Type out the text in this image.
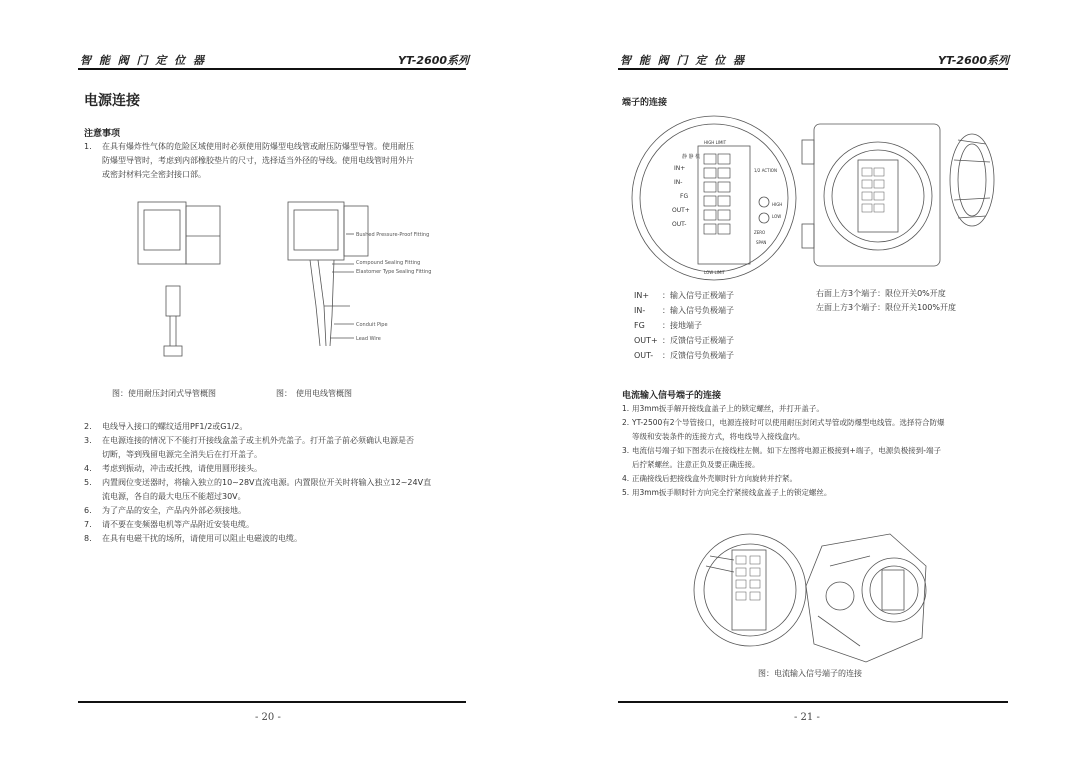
智 能 阀 门 定 位 器	YT-2600系列
电源连接
注意事项
1. 在具有爆炸性气体的危险区域使用时必须使用防爆型电线管或耐压防爆型导管。使用耐压
防爆型导管时，考虑到内部橡胶垫片的尺寸，选择适当外径的导线。使用电线管时用外片
或密封材料完全密封接口部。
Bushed Pressure-Proof Fitting
Compound Sealing Fitting
Elastomer Type Sealing Fitting
Conduit Pipe
Lead Wire
图：使用耐压封闭式导管概图	图：　使用电线管概图
2. 电线导入接口的螺纹适用PF1/2或G1/2。
3. 在电源连接的情况下不能打开接线盒盖子或主机外壳盖子。打开盖子前必须确认电源是否
切断，等到残留电源完全消失后在打开盖子。
4. 考虑到振动，冲击或托拽，请使用圆形接头。
5. 内置阀位变送器时，将输入独立的10~28V直流电源。内置限位开关时将输入独立12~24V直
流电源，各自的最大电压不能超过30V。
6. 为了产品的安全，产品内外部必须接地。
7. 请不要在变频器电机等产品附近安装电缆。
8. 在具有电磁干扰的场所，请使用可以阻止电磁波的电缆。
- 20 -
智 能 阀 门 定 位 器	YT-2600系列
端子的连接
HIGH LIMIT
LOW LIMIT
IN+
IN-
FG
OUT+
OUT-
1/2 ACTION
ZERO
HIGH
LOW
SPAN
静 静 机
IN+ ：输入信号正极端子
IN- ：输入信号负极端子
FG ：接地端子
OUT+ ：反馈信号正极端子
OUT- ：反馈信号负极端子
右面上方3个端子：限位开关0%开度
左面上方3个端子：限位开关100%开度
电流输入信号端子的连接
1. 用3mm扳手解开接线盒盖子上的锁定螺丝，并打开盖子。
2. YT-2500有2个导管接口，电源连接时可以使用耐压封闭式导管或防爆型电线管。选择符合防爆
等级和安装条件的连接方式，将电线导入接线盒内。
3. 电流信号端子如下图表示在接线柱左侧。如下左图将电源正极接到+端子，电源负极接到-端子
后拧紧螺丝。注意正负及要正确连接。
4. 正确接线后把接线盒外壳顺时针方向旋转并拧紧。
5. 用3mm扳手顺时针方向完全拧紧接线盒盖子上的锁定螺丝。
图：电流输入信号端子的连接
- 21 -
